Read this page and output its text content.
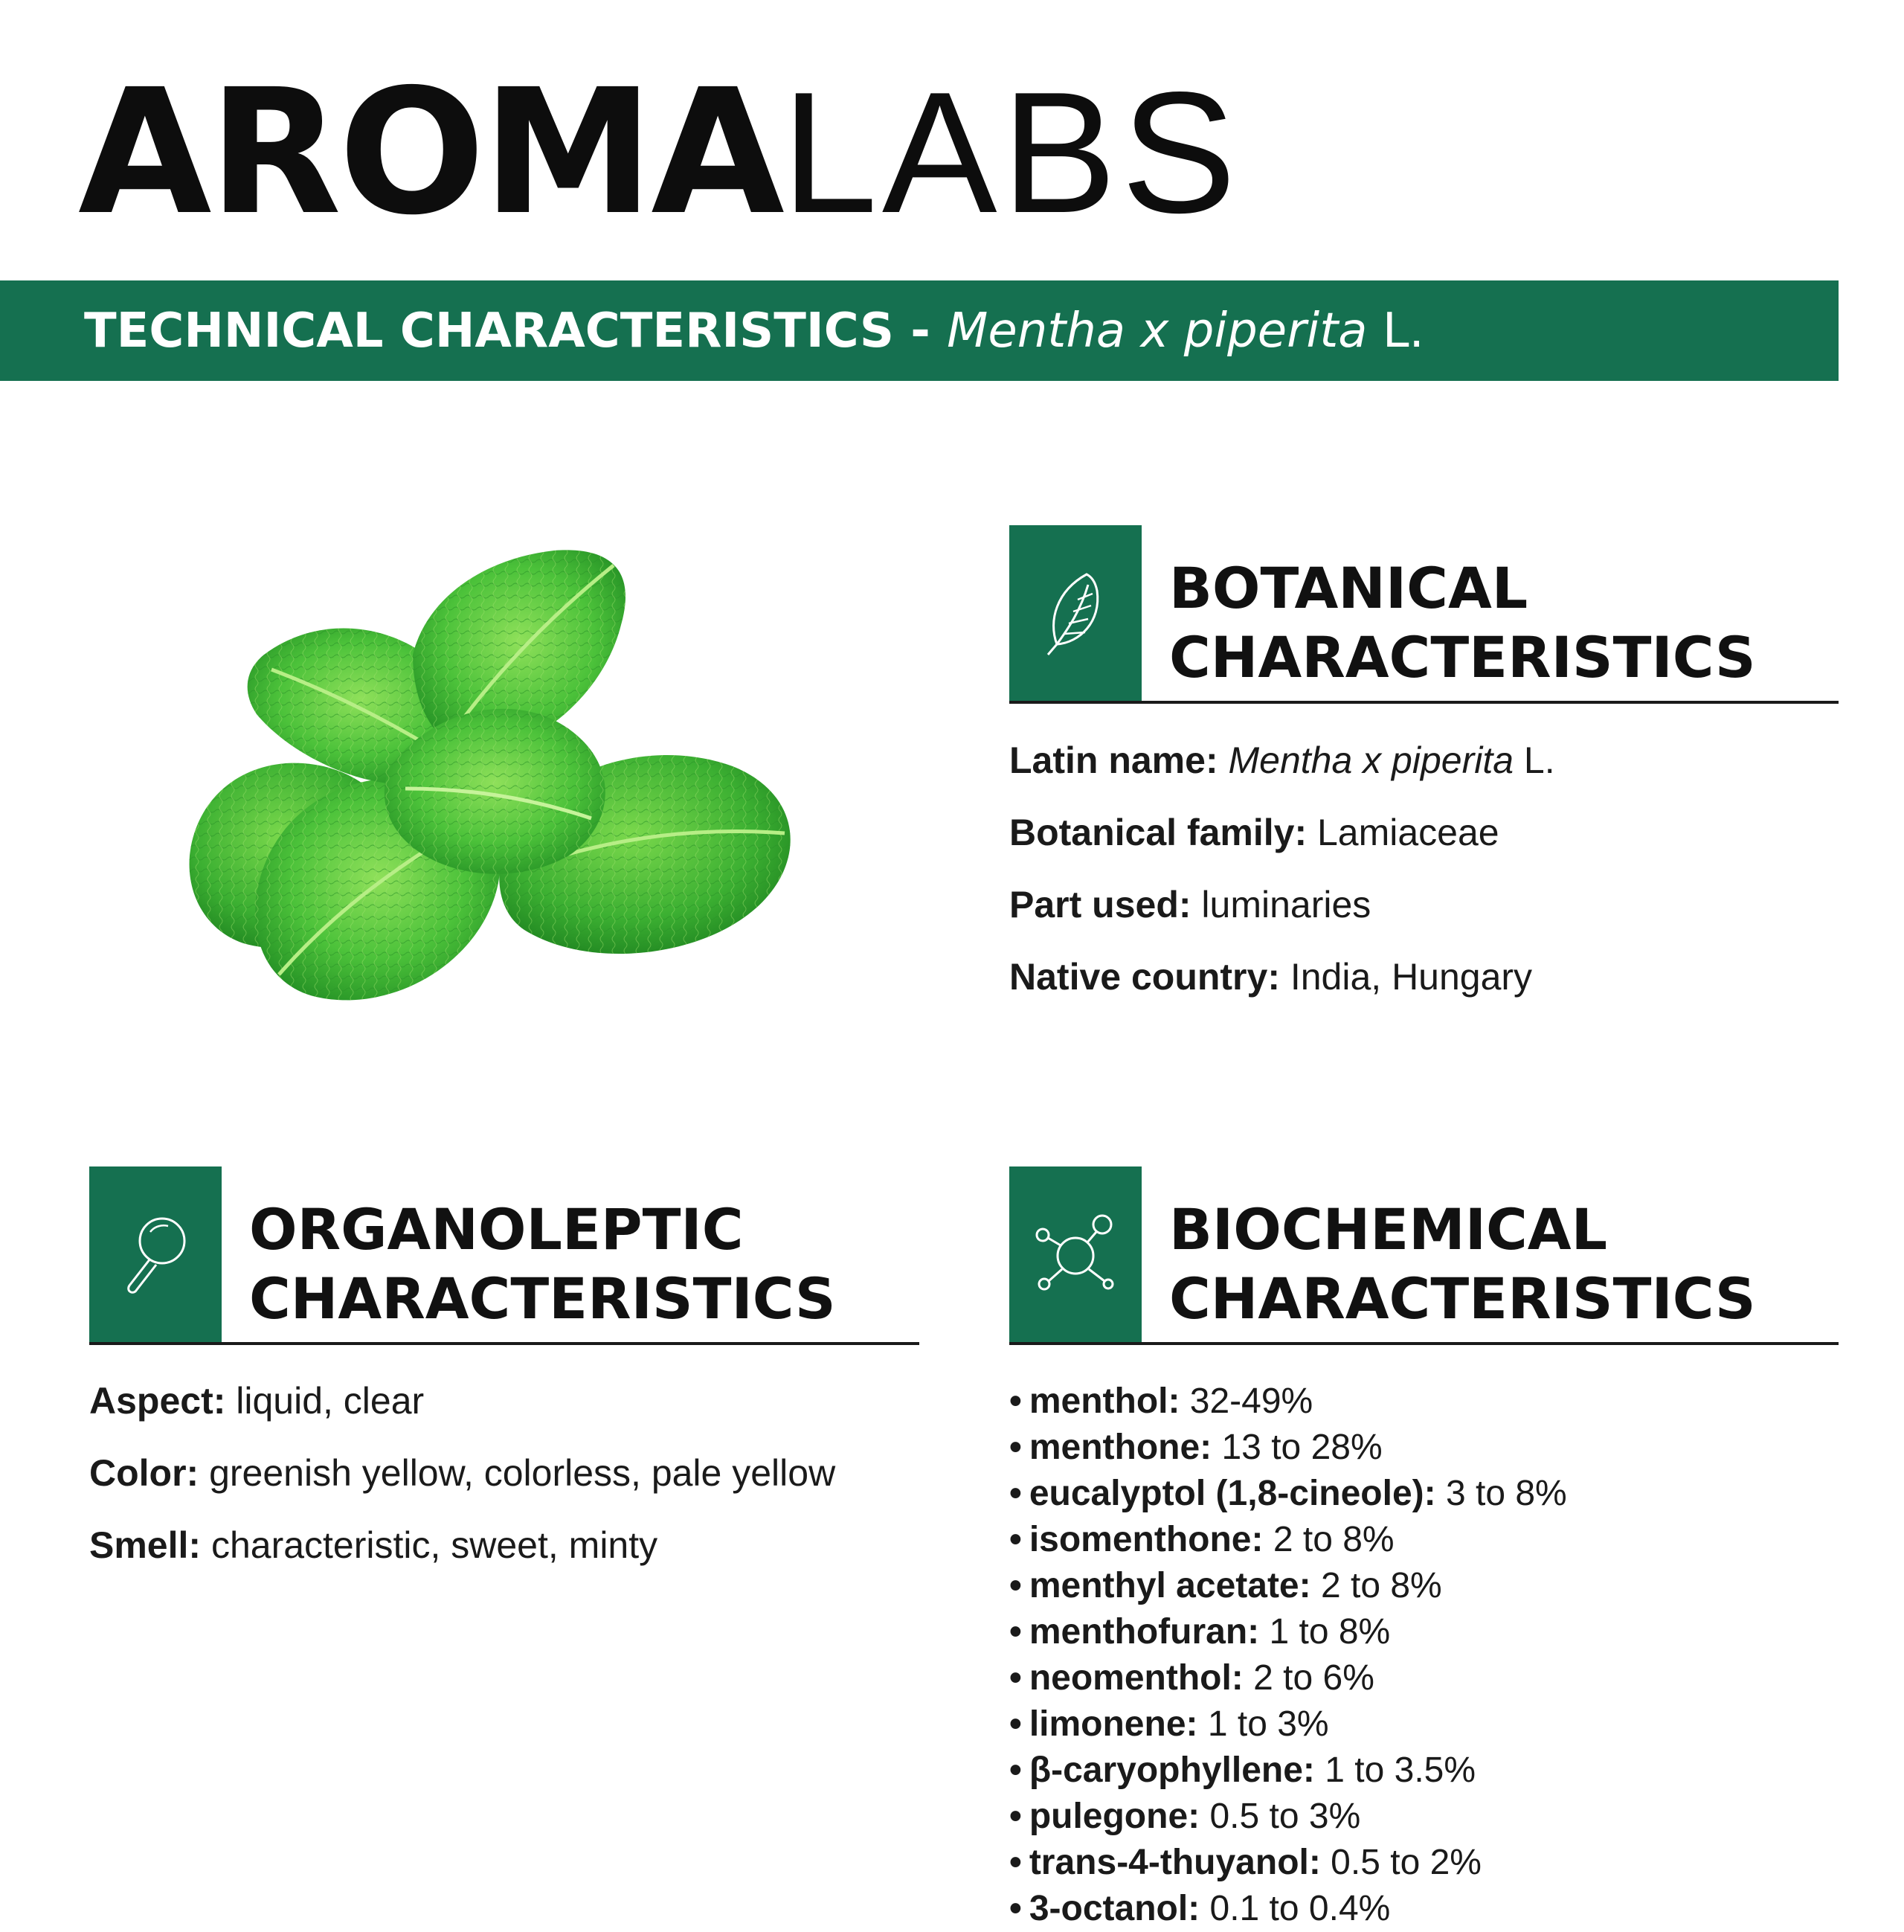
AROMALABS
TECHNICAL CHARACTERISTICS - Mentha x piperita L.
BOTANICAL
CHARACTERISTICS
Latin name: Mentha x piperita L.
Botanical family: Lamiaceae
Part used: luminaries
Native country: India, Hungary
ORGANOLEPTIC
CHARACTERISTICS
Aspect: liquid, clear
Color: greenish yellow, colorless, pale yellow
Smell: characteristic, sweet, minty
BIOCHEMICAL
CHARACTERISTICS
• menthol: 32-49%
• menthone: 13 to 28%
• eucalyptol (1,8-cineole): 3 to 8%
• isomenthone: 2 to 8%
• menthyl acetate: 2 to 8%
• menthofuran: 1 to 8%
• neomenthol: 2 to 6%
• limonene: 1 to 3%
• β-caryophyllene: 1 to 3.5%
• pulegone: 0.5 to 3%
• trans-4-thuyanol: 0.5 to 2%
• 3-octanol: 0.1 to 0.4%
